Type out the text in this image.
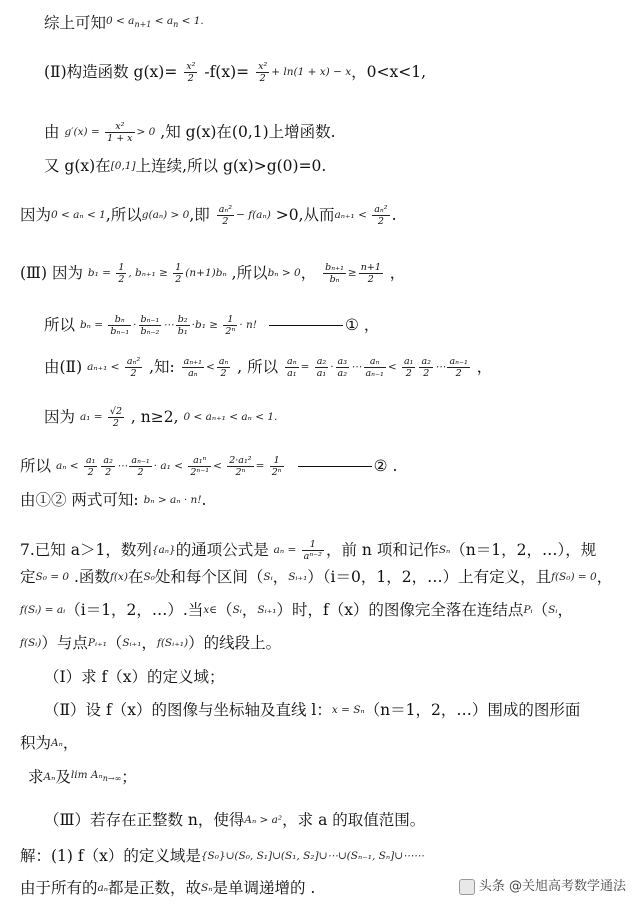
综上可知$0 < a_{n+1} < a_n < 1$.
(Ⅱ)构造函数 $g(x)= \frac{\text{x²}}{2} -f(x)= \frac{\text{x²}}{2} + \ln(1 + x) - x$，0<x<1,
由 $g'(x) = \frac{\text{x²}}{1 + x} > 0$ ,知 g(x)在(0,1)上增函数.
又 g(x)在[0,1]上连续,所以 g(x)>g(0)=0.
因为0 < aₙ < 1,所以g(aₙ) > 0,即 $\frac{\text{aₙ²}}{2} - f(a_n) >0$,从而$a_{n+1} < \frac{\text{aₙ²}}{2}$ .
(Ⅲ) 因为 $b_1 = \frac{1}{2}$ , $b_{n+1} \ge \frac{1}{2} (n+1)b_n$ ,所以bₙ > 0， $\frac{\text{bₙ₊₁}}{\text{bₙ}} \ge \frac{n+1}{2}$ ，
所以 $b_n = \frac{\text{bₙ}}{\text{bₙ₋₁}} \cdot \frac{\text{bₙ₋₁}}{\text{bₙ₋₂}}$ ⋯ $\frac{\text{b₂}}{\text{b₁}} \cdot b_1 \ge \frac{1}{\text{2ⁿ}} \cdot n$!	① ，
由(Ⅱ) $a_{n+1} < \frac{\text{aₙ²}}{2}$ ,知: $\frac{\text{aₙ₊₁}}{\text{aₙ}} < \frac{\text{aₙ}}{2}$ , 所以 $\frac{\text{aₙ}}{\text{a₁}} = \frac{\text{a₂}}{\text{a₁}} \cdot \frac{\text{a₃}}{\text{a₂}}$ ⋯ $\frac{\text{aₙ}}{\text{aₙ₋₁}} < \frac{\text{a₁}}{2} \frac{\text{a₂}}{2}$ ⋯ $\frac{\text{aₙ₋₁}}{2}$ ，
因为 $a_1 = \frac{√2}{2}$ , n≥2, 0 < aₙ₊₁ < aₙ < 1.
所以 $a_n < \frac{\text{a₁}}{2} \frac{\text{a₂}}{2}$ ⋯ $\frac{\text{aₙ₋₁}}{2} \cdot a_1 < \frac{\text{a₁ⁿ}}{\text{2ⁿ⁻¹}} < \frac{\text{2·a₁²}}{\text{2ⁿ}} = \frac{1}{\text{2ⁿ}}$	② .
由①② 两式可知: bₙ > aₙ · n!.
7.已知 a＞1，数列{aₙ}的通项公式是 $a_n = \frac{1}{\text{aⁿ⁻²}}$ ，前 n 项和记作Sₙ（n＝1，2，…），规
定S₀ = 0 .函数f(x)在S₀处和每个区间（Sᵢ，Sᵢ₊₁）（i＝0，1，2，…）上有定义，且f(S₀) = 0，
f(Sᵢ) = aᵢ（i＝1，2，…）.当x∈（Sᵢ，Sᵢ₊₁）时，f（x）的图像完全落在连结点Pᵢ（Sᵢ，
f(Sᵢ)）与点Pᵢ₊₁（Sᵢ₊₁，f(Sᵢ₊₁)）的线段上。
（Ⅰ）求 f（x）的定义域；
（Ⅱ）设 f（x）的图像与坐标轴及直线 l：x = Sₙ（n＝1，2，…）围成的图形面
积为Aₙ，
求Aₙ及lim Aₙ$_{n\to\infty}$；
（Ⅲ）若存在正整数 n，使得Aₙ > a²，求 a 的取值范围。
解：(1) f（x）的定义域是{S₀}∪(S₀, S₁]∪(S₁, S₂]∪⋯∪(Sₙ₋₁, Sₙ]∪⋯⋯
由于所有的aₙ都是正数，故Sₙ是单调递增的 .	头条 @关旭高考数学通法
